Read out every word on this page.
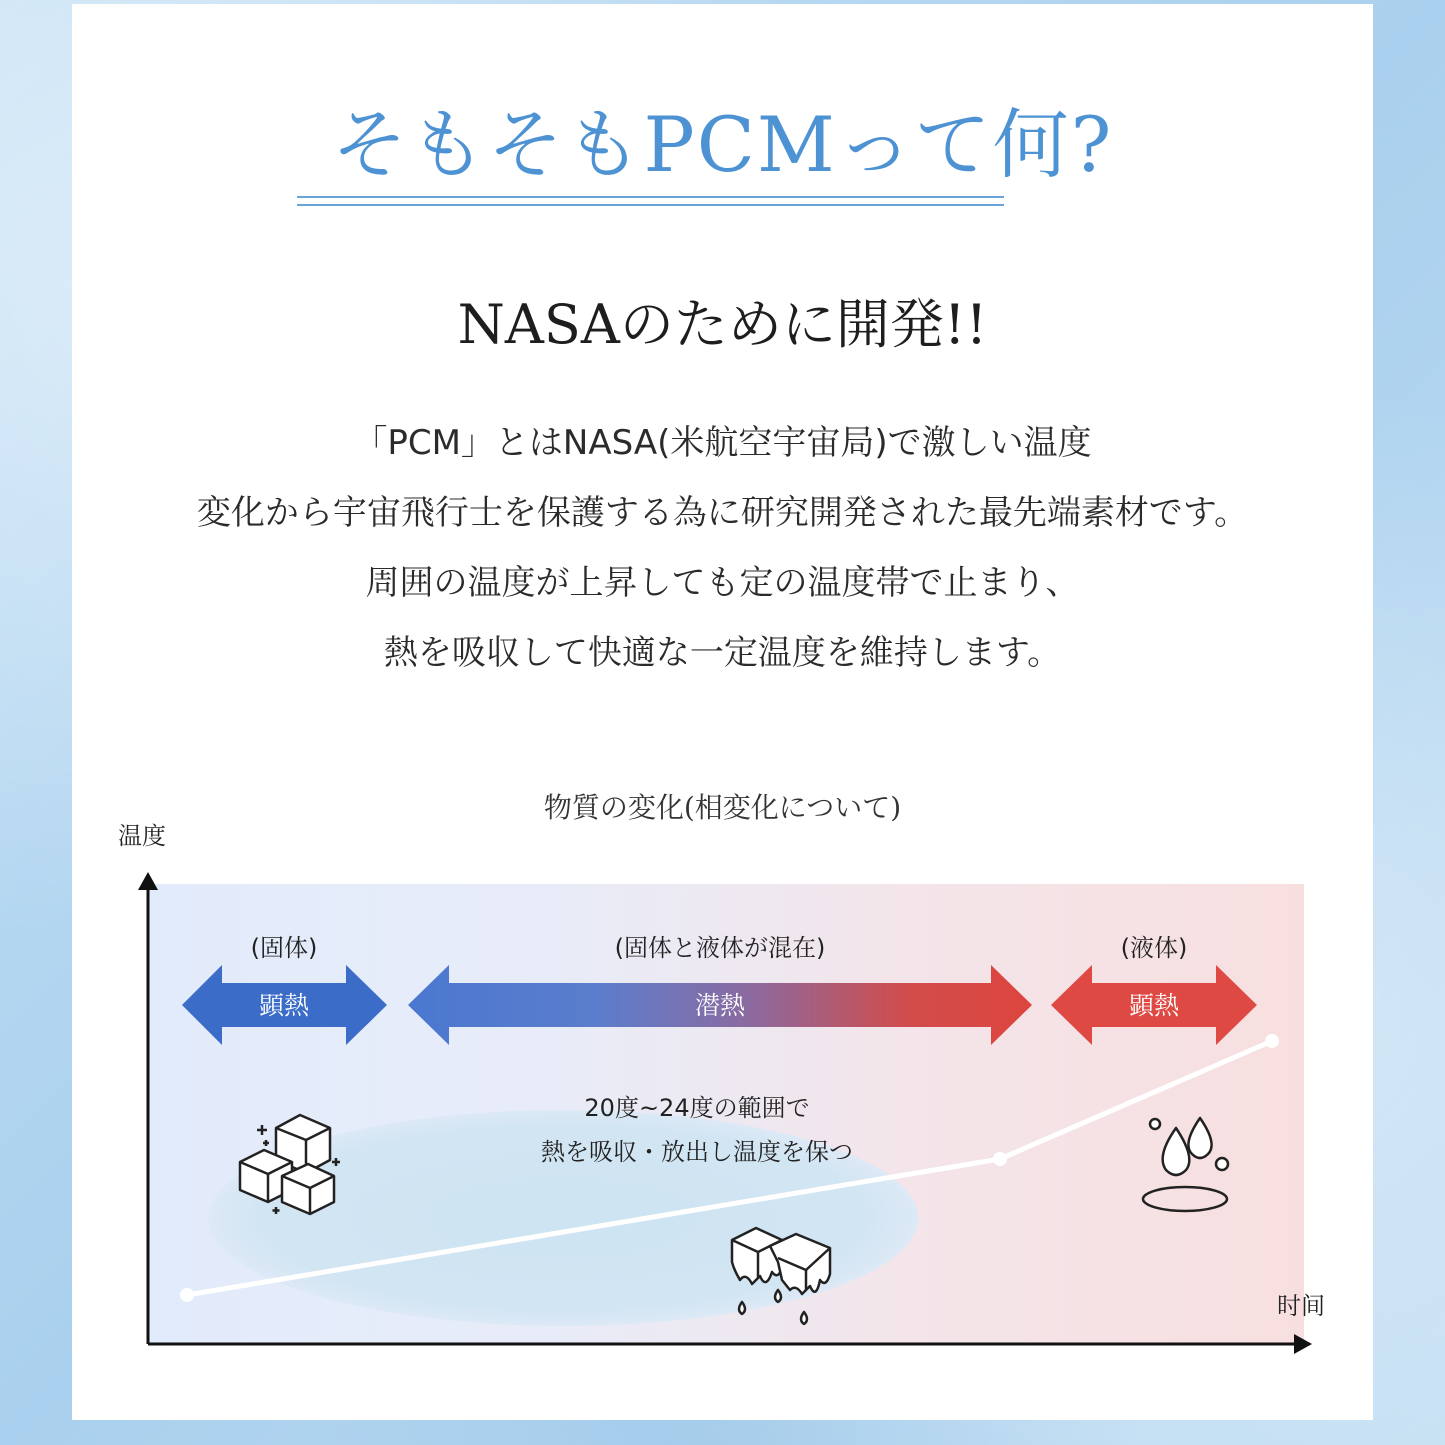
そもそもPCMって何?
NASAのために開発!!
「PCM」とはNASA(米航空宇宙局)で激しい温度
変化から宇宙飛行士を保護する為に研究開発された最先端素材です。
周囲の温度が上昇しても定の温度帯で止まり、
熱を吸収して快適な一定温度を維持します。
物質の変化(相変化について)
温度
时间
(固体)	(固体と液体が混在)	(液体)
顕熱	潜熱	顕熱
20度~24度の範囲で
熱を吸収・放出し温度を保つ
